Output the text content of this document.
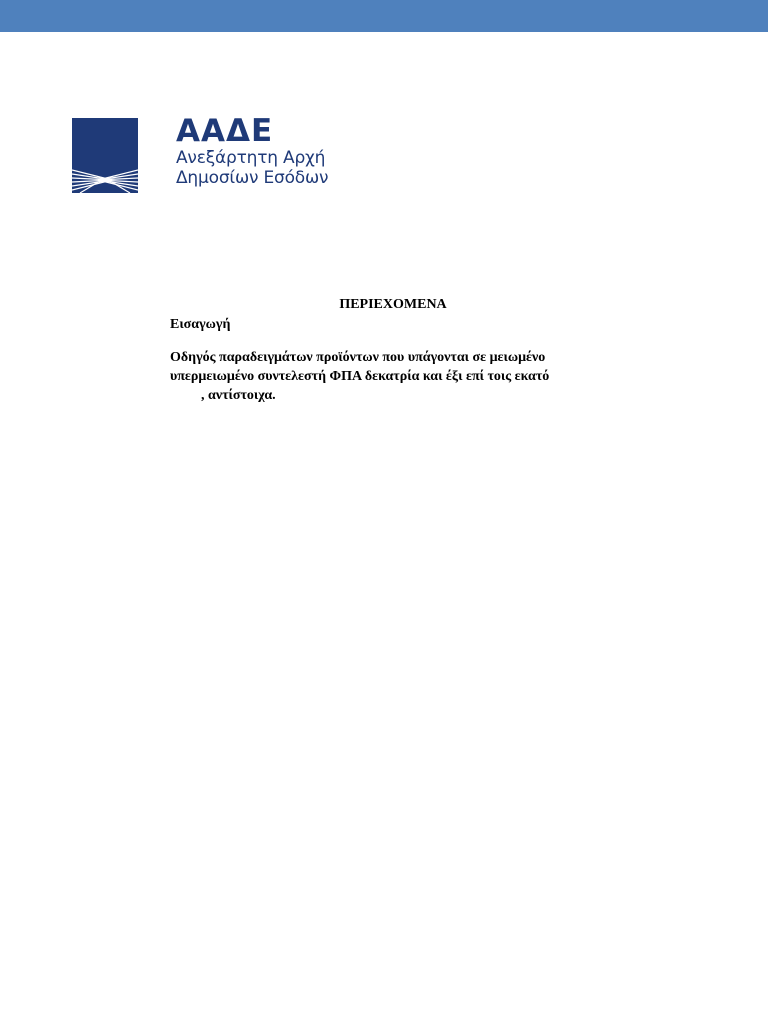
ΑΑΔΕ
Ανεξάρτητη Αρχή
Δημοσίων Εσόδων
ΠΕΡΙΕΧΟΜΕΝΑ
Εισαγωγή
Οδηγός παραδειγμάτων προϊόντων που υπάγονται σε μειωμένο
υπερμειωμένο συντελεστή ΦΠΑ δεκατρία και έξι επί τοις εκατό
, αντίστοιχα.
